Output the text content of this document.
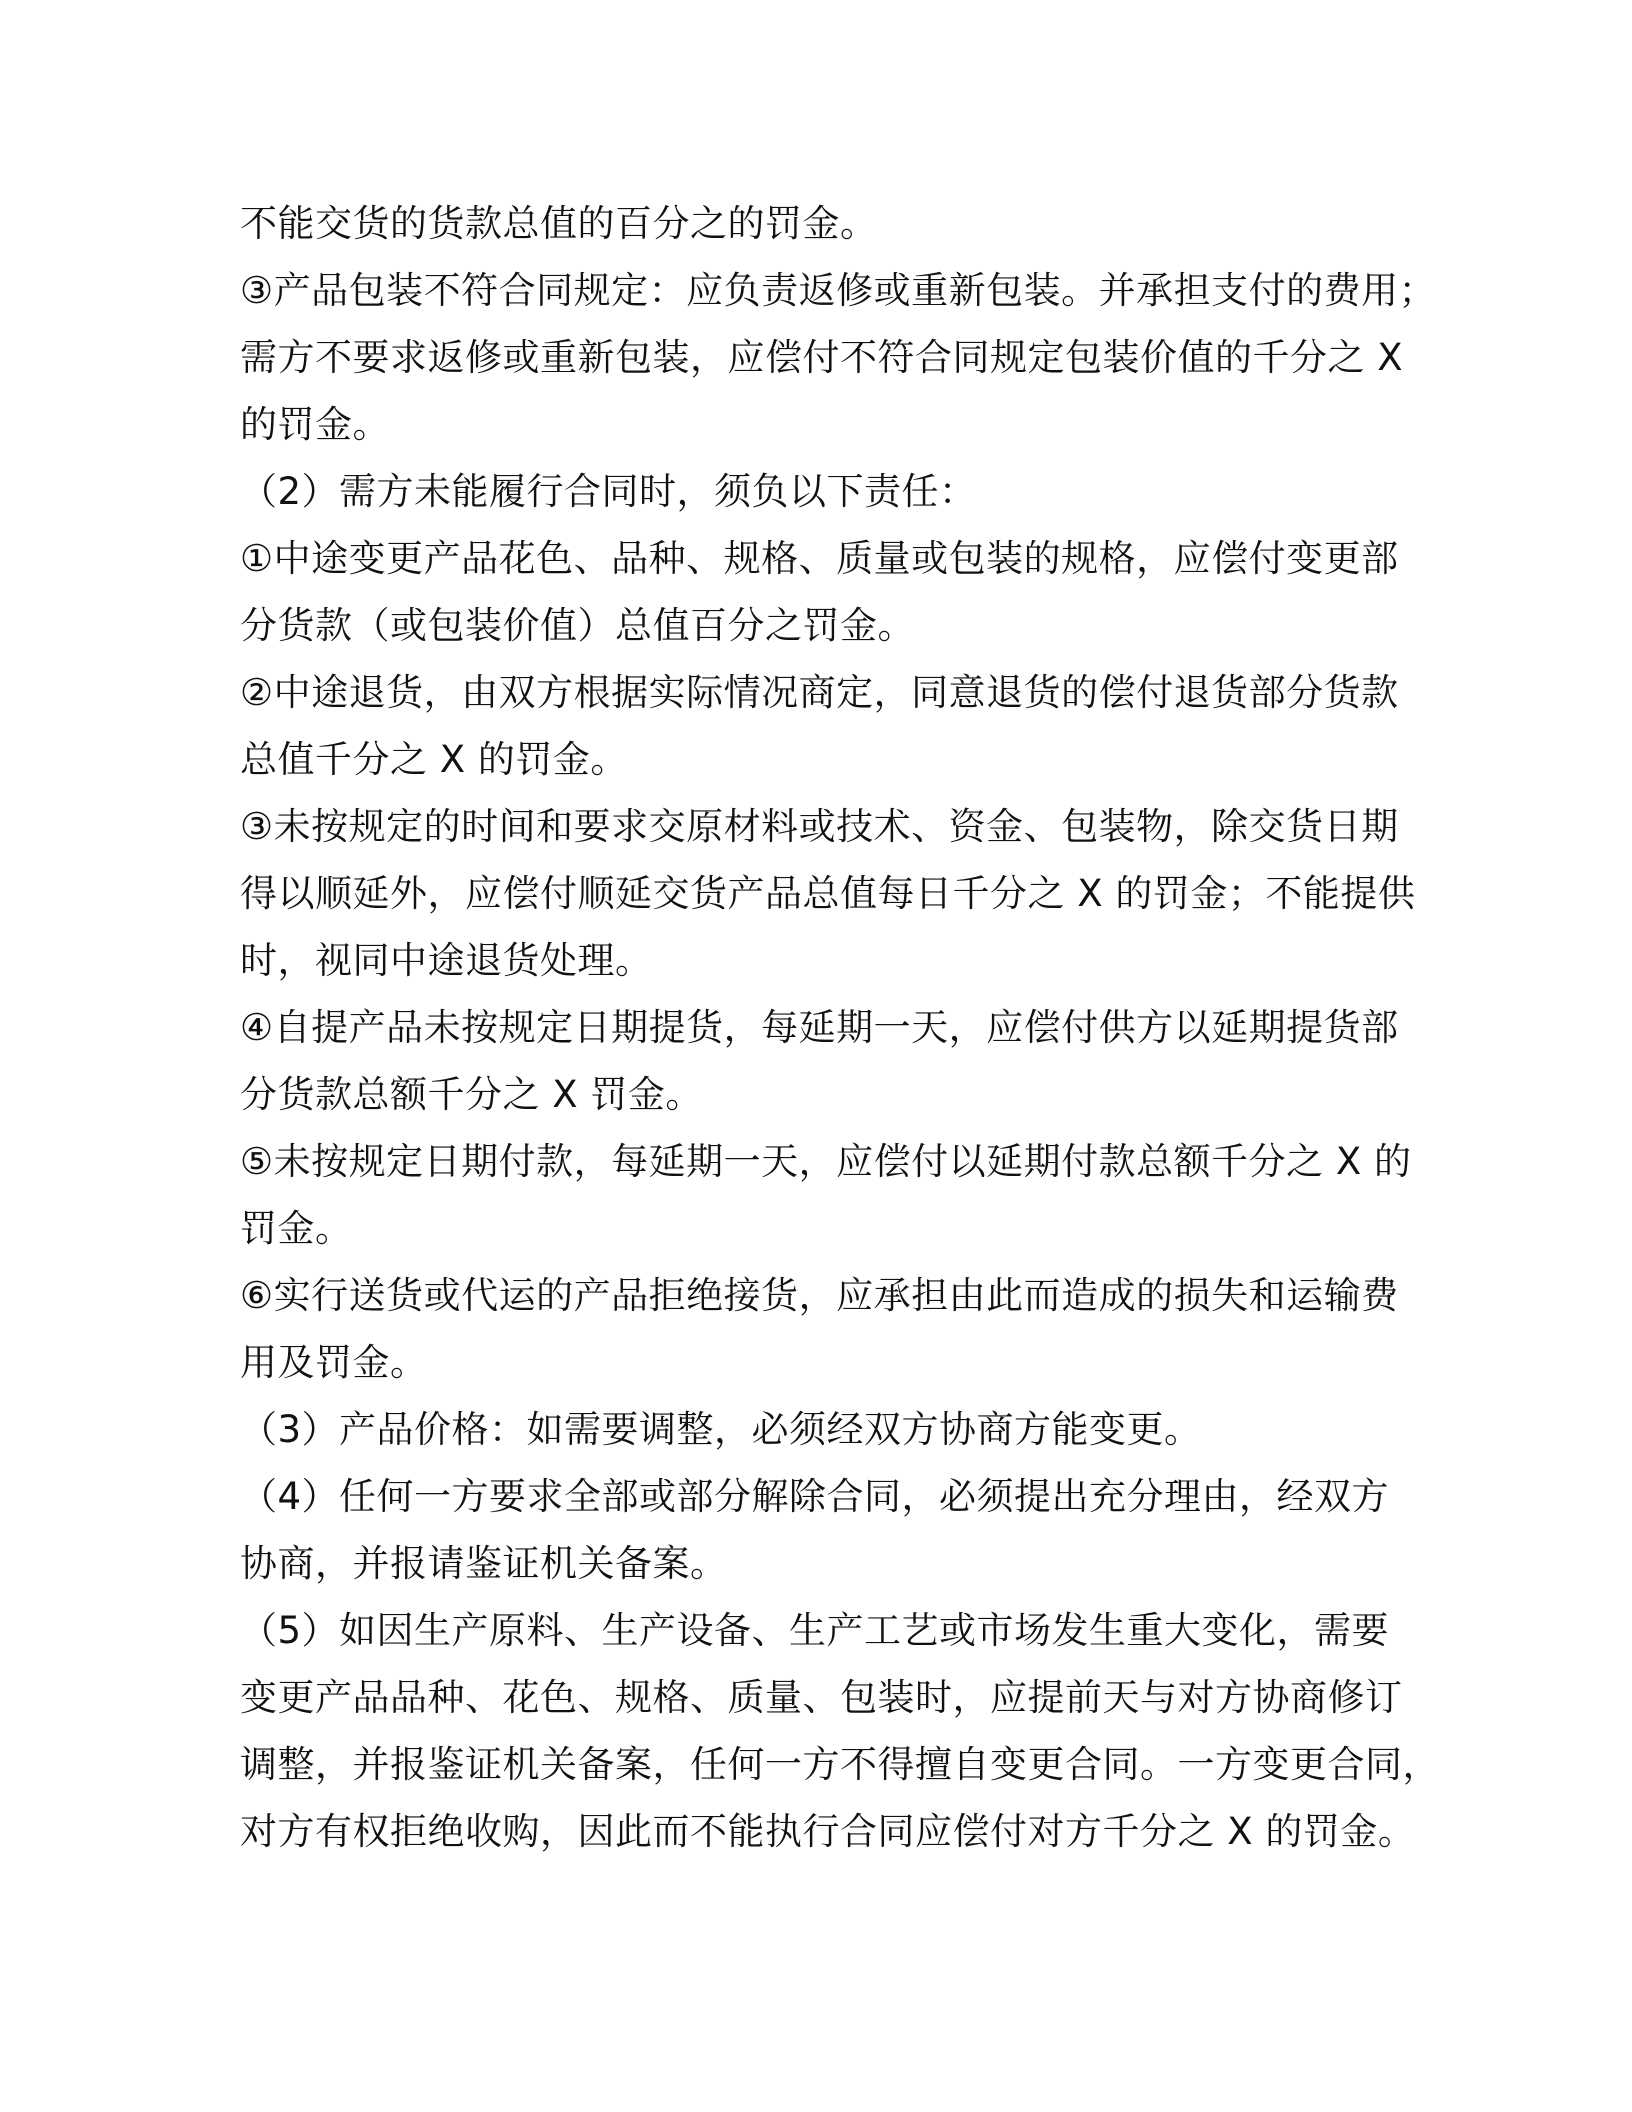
不能交货的货款总值的百分之的罚金。
③产品包装不符合同规定：应负责返修或重新包装。并承担支付的费用；
需方不要求返修或重新包装，应偿付不符合同规定包装价值的千分之 X
的罚金。
（2）需方未能履行合同时，须负以下责任：
①中途变更产品花色、品种、规格、质量或包装的规格，应偿付变更部
分货款（或包装价值）总值百分之罚金。
②中途退货，由双方根据实际情况商定，同意退货的偿付退货部分货款
总值千分之 X 的罚金。
③未按规定的时间和要求交原材料或技术、资金、包装物，除交货日期
得以顺延外，应偿付顺延交货产品总值每日千分之 X 的罚金；不能提供
时，视同中途退货处理。
④自提产品未按规定日期提货，每延期一天，应偿付供方以延期提货部
分货款总额千分之 X 罚金。
⑤未按规定日期付款，每延期一天，应偿付以延期付款总额千分之 X 的
罚金。
⑥实行送货或代运的产品拒绝接货，应承担由此而造成的损失和运输费
用及罚金。
（3）产品价格：如需要调整，必须经双方协商方能变更。
（4）任何一方要求全部或部分解除合同，必须提出充分理由，经双方
协商，并报请鉴证机关备案。
（5）如因生产原料、生产设备、生产工艺或市场发生重大变化，需要
变更产品品种、花色、规格、质量、包装时，应提前天与对方协商修订
调整，并报鉴证机关备案，任何一方不得擅自变更合同。一方变更合同，
对方有权拒绝收购，因此而不能执行合同应偿付对方千分之 X 的罚金。
